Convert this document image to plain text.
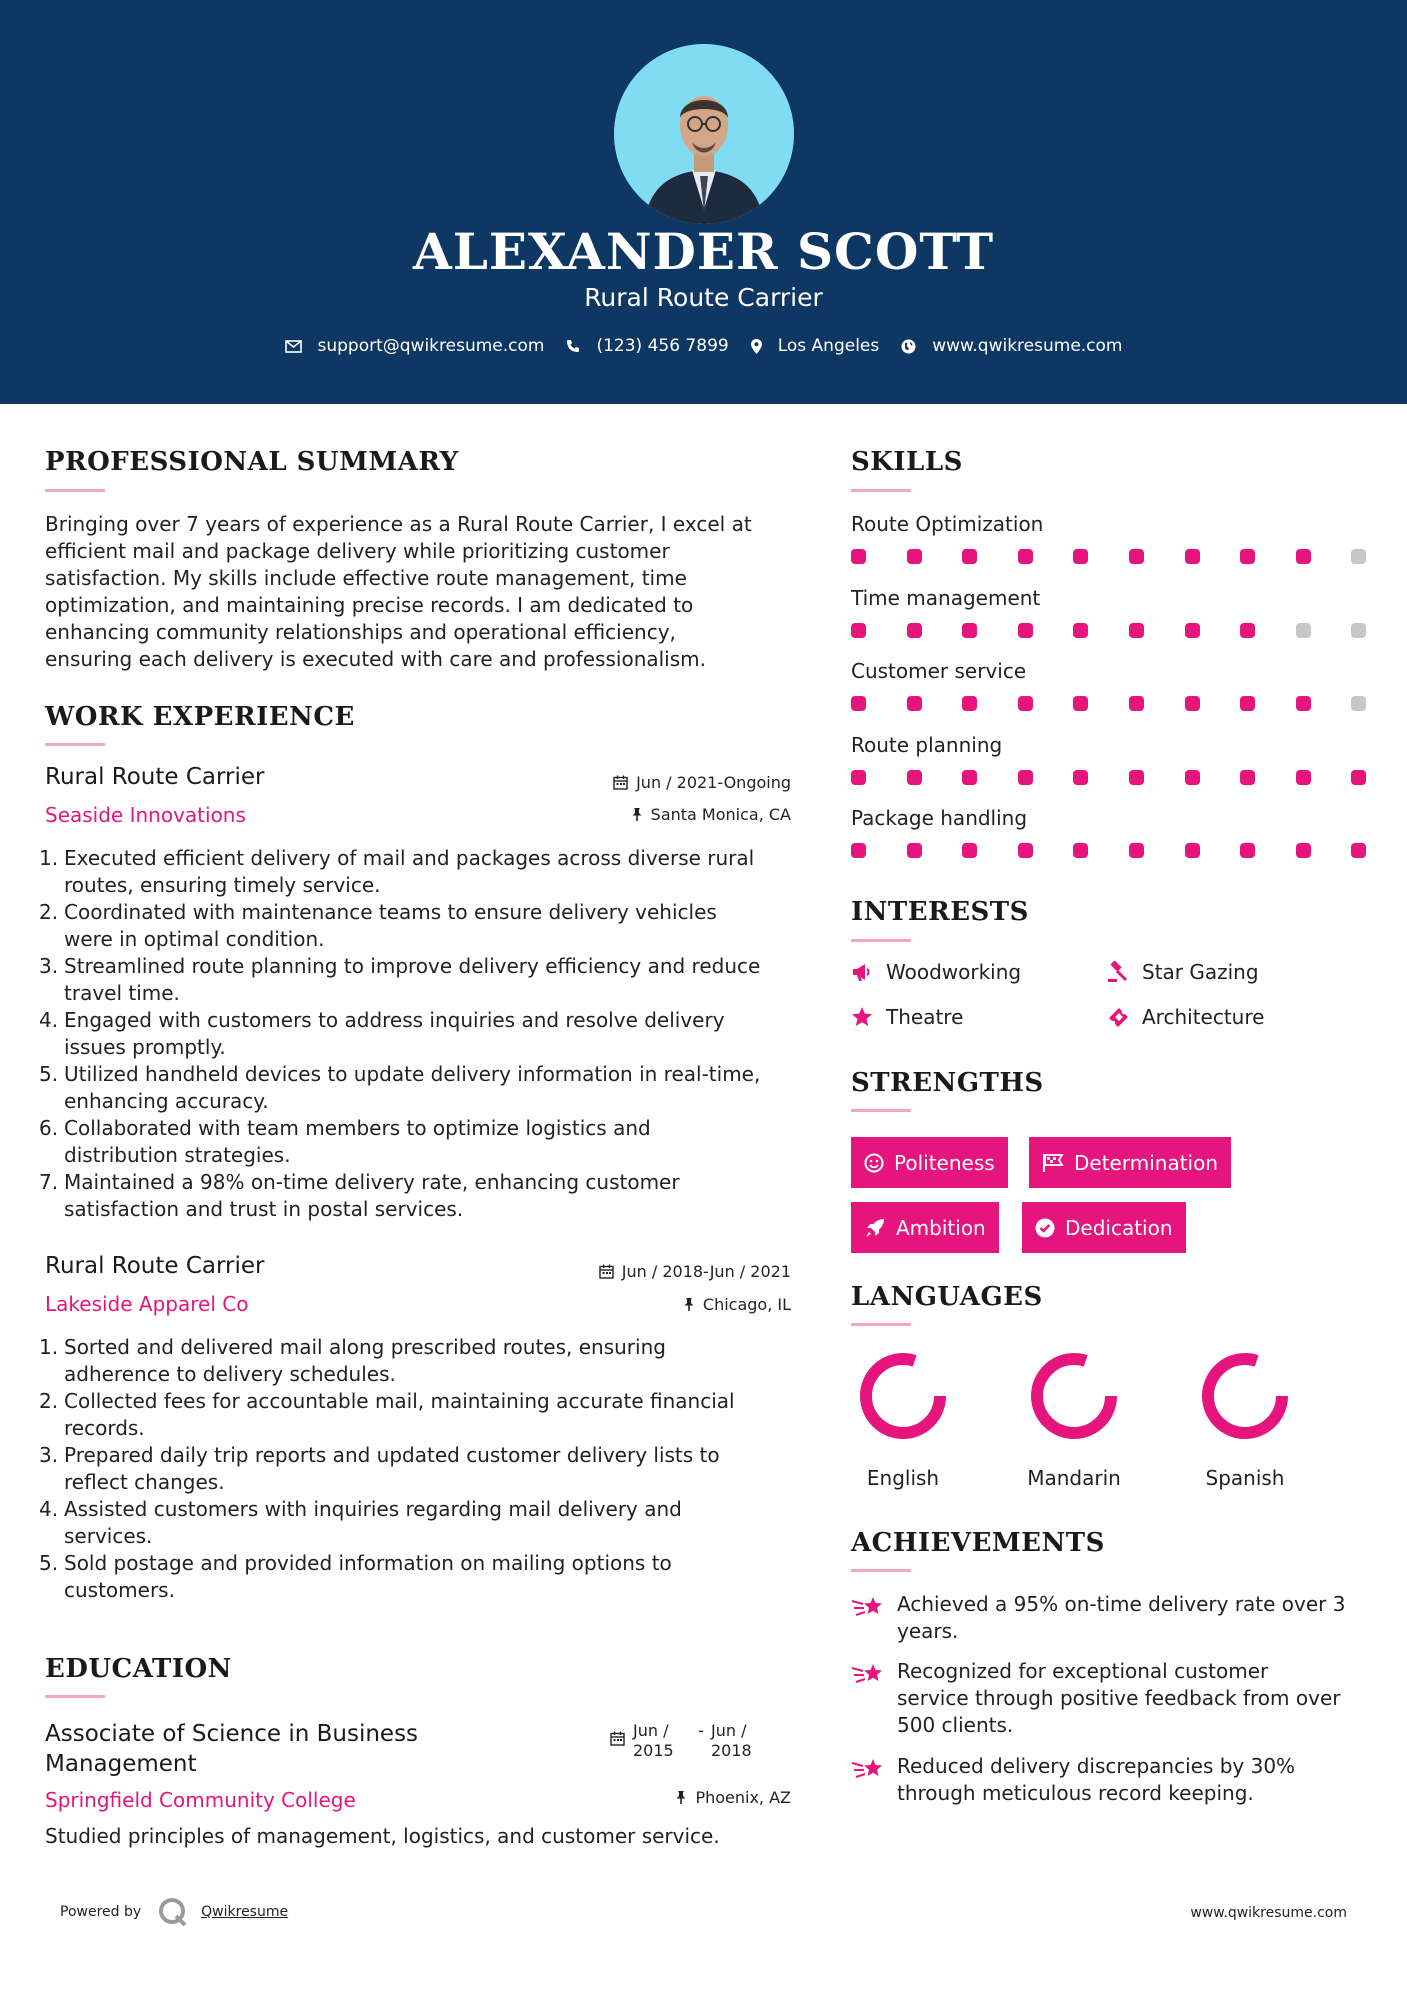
ALEXANDER SCOTT
Rural Route Carrier
support@qwikresume.com	(123) 456 7899	Los Angeles	www.qwikresume.com
PROFESSIONAL SUMMARY
Bringing over 7 years of experience as a Rural Route Carrier, I excel at
efficient mail and package delivery while prioritizing customer
satisfaction. My skills include effective route management, time
optimization, and maintaining precise records. I am dedicated to
enhancing community relationships and operational efficiency,
ensuring each delivery is executed with care and professionalism.
WORK EXPERIENCE
Rural Route Carrier
Seaside Innovations
Jun / 2021-Ongoing
Santa Monica, CA
1. Executed efficient delivery of mail and packages across diverse rural
routes, ensuring timely service.
2. Coordinated with maintenance teams to ensure delivery vehicles
were in optimal condition.
3. Streamlined route planning to improve delivery efficiency and reduce
travel time.
4. Engaged with customers to address inquiries and resolve delivery
issues promptly.
5. Utilized handheld devices to update delivery information in real-time,
enhancing accuracy.
6. Collaborated with team members to optimize logistics and
distribution strategies.
7. Maintained a 98% on-time delivery rate, enhancing customer
satisfaction and trust in postal services.
Rural Route Carrier
Lakeside Apparel Co
Jun / 2018-Jun / 2021
Chicago, IL
1. Sorted and delivered mail along prescribed routes, ensuring
adherence to delivery schedules.
2. Collected fees for accountable mail, maintaining accurate financial
records.
3. Prepared daily trip reports and updated customer delivery lists to
reflect changes.
4. Assisted customers with inquiries regarding mail delivery and
services.
5. Sold postage and provided information on mailing options to
customers.
EDUCATION
Associate of Science in Business
Management
Jun /
2015
- Jun /
2018
Springfield Community College	Phoenix, AZ
Studied principles of management, logistics, and customer service.
SKILLS
Route Optimization
Time management
Customer service
Route planning
Package handling
INTERESTS
Woodworking	Star Gazing
Theatre	Architecture
STRENGTHS
Politeness	Determination
Ambition	Dedication
LANGUAGES
English	Mandarin	Spanish
ACHIEVEMENTS
Achieved a 95% on-time delivery rate over 3
years.
Recognized for exceptional customer
service through positive feedback from over
500 clients.
Reduced delivery discrepancies by 30%
through meticulous record keeping.
Powered by	Qwikresume	www.qwikresume.com
